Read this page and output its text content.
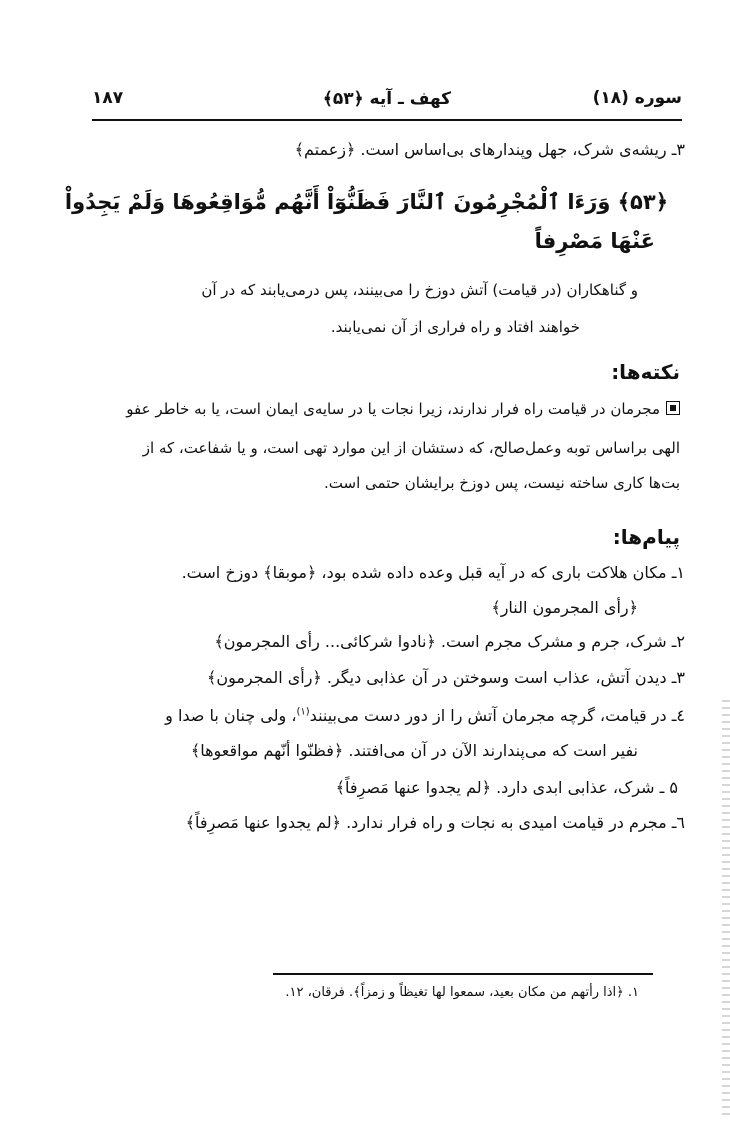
سوره (۱۸)
کهف ـ آیه ﴿۵۳﴾
۱۸۷
۳ـ ریشه‌ی شرک، جهل وپندارهای بی‌اساس است. ﴿زعمتم﴾
﴿۵۳﴾ وَرَءَا ٱلْمُجْرِمُونَ ٱلنَّارَ فَظَنُّوٓاْ أَنَّهُم مُّوَاقِعُوهَا وَلَمْ يَجِدُواْ
عَنْهَا مَصْرِفاً
و گناهکاران (در قیامت) آتش دوزخ را می‌بینند، پس درمی‌یابند که در آن
خواهند افتاد و راه فراری از آن نمی‌یابند.
نکته‌ها:
مجرمان در قیامت راه فرار ندارند، زیرا نجات یا در سایه‌ی ایمان است، یا به خاطر عفو
الهی براساس توبه وعمل‌صالح، که دستشان از این موارد تهی است، و یا شفاعت، که از
بت‌ها کاری ساخته نیست، پس دوزخ برایشان حتمی است.
پیام‌ها:
۱ـ مکان هلاکت باری که در آیه قبل وعده داده شده بود، ﴿موبقا﴾ دوزخ است.
﴿رأی المجرمون النار﴾
۲ـ شرک، جرم و مشرک مجرم است. ﴿نادوا شرکائی... رأی المجرمون﴾
۳ـ دیدن آتش، عذاب است وسوختن در آن عذابی دیگر. ﴿رأی المجرمون﴾
٤ـ در قیامت، گرچه مجرمان آتش را از دور دست می‌بینند$^{(۱)}$، ولی چنان با صدا و
نفیر است که می‌پندارند الآن در آن می‌افتند. ﴿فظنّوا أنّهم مواقعوها﴾
۵ ـ شرک، عذابی ابدی دارد. ﴿لم یجدوا عنها مَصرِفاً﴾
٦ـ مجرم در قیامت امیدی به نجات و راه فرار ندارد. ﴿لم یجدوا عنها مَصرِفاً﴾
۱. ﴿اذا رأتهم من مکان بعید، سمعوا لها تغیظاً و زمزاً﴾. فرقان، ۱۲.
